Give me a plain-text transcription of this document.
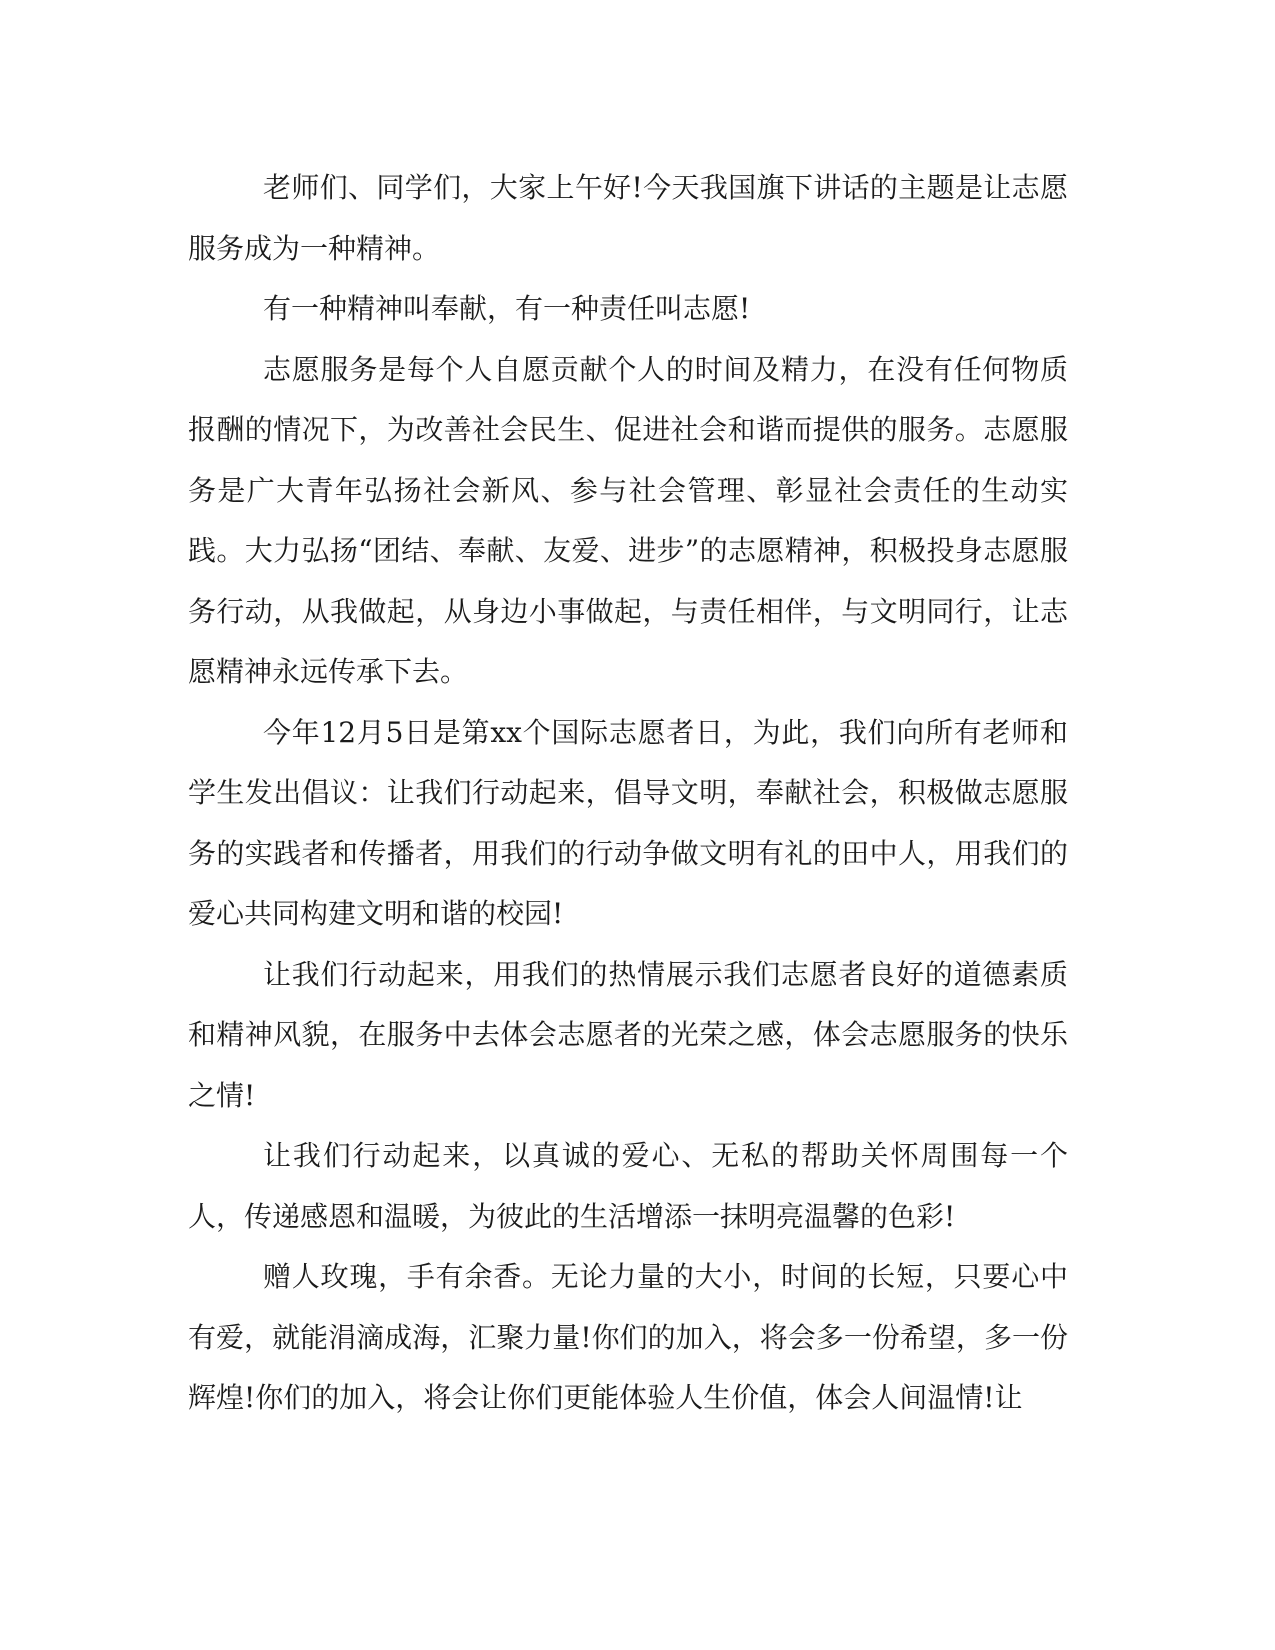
老师们、同学们，大家上午好!今天我国旗下讲话的主题是让志愿服务成为一种精神。

有一种精神叫奉献，有一种责任叫志愿!

志愿服务是每个人自愿贡献个人的时间及精力，在没有任何物质报酬的情况下，为改善社会民生、促进社会和谐而提供的服务。志愿服务是广大青年弘扬社会新风、参与社会管理、彰显社会责任的生动实践。大力弘扬“团结、奉献、友爱、进步”的志愿精神，积极投身志愿服务行动，从我做起，从身边小事做起，与责任相伴，与文明同行，让志愿精神永远传承下去。

今年12月5日是第xx个国际志愿者日，为此，我们向所有老师和学生发出倡议：让我们行动起来，倡导文明，奉献社会，积极做志愿服务的实践者和传播者，用我们的行动争做文明有礼的田中人，用我们的爱心共同构建文明和谐的校园!

让我们行动起来，用我们的热情展示我们志愿者良好的道德素质和精神风貌，在服务中去体会志愿者的光荣之感，体会志愿服务的快乐之情!

让我们行动起来，以真诚的爱心、无私的帮助关怀周围每一个人，传递感恩和温暖，为彼此的生活增添一抹明亮温馨的色彩!

赠人玫瑰，手有余香。无论力量的大小，时间的长短，只要心中有爱，就能涓滴成海，汇聚力量!你们的加入，将会多一份希望，多一份辉煌!你们的加入，将会让你们更能体验人生价值，体会人间温情!让
